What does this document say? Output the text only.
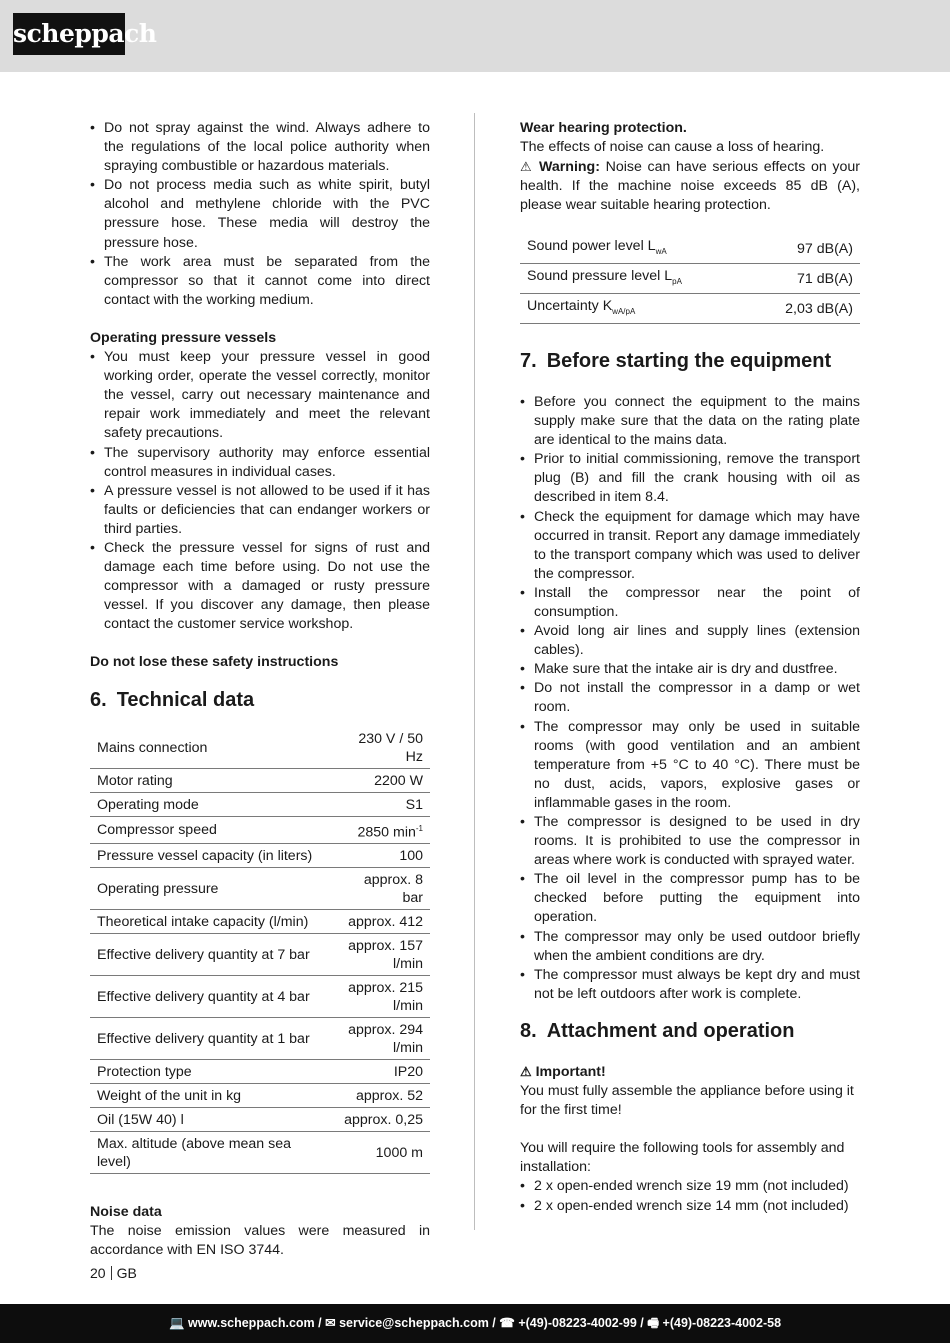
scheppach
• Do not spray against the wind. Always adhere to the regulations of the local police authority when spraying combustible or hazardous materials.
• Do not process media such as white spirit, butyl alcohol and methylene chloride with the PVC pressure hose. These media will destroy the pressure hose.
• The work area must be separated from the compressor so that it cannot come into direct contact with the working medium.
Operating pressure vessels
• You must keep your pressure vessel in good working order, operate the vessel correctly, monitor the vessel, carry out necessary maintenance and repair work immediately and meet the relevant safety precautions.
• The supervisory authority may enforce essential control measures in individual cases.
• A pressure vessel is not allowed to be used if it has faults or deficiencies that can endanger workers or third parties.
• Check the pressure vessel for signs of rust and damage each time before using. Do not use the compressor with a damaged or rusty pressure vessel. If you discover any damage, then please contact the customer service workshop.
Do not lose these safety instructions
6. Technical data
Mains connection	230 V / 50 Hz
Motor rating	2200 W
Operating mode	S1
Compressor speed	2850 $\min^{-1}$
Pressure vessel capacity (in liters)	100
Operating pressure	approx. 8 bar
Theoretical intake capacity (l/min)	approx. 412
Effective delivery quantity at 7 bar	approx. 157 l/min
Effective delivery quantity at 4 bar	approx. 215 l/min
Effective delivery quantity at 1 bar	approx. 294 l/min
Protection type	IP20
Weight of the unit in kg	approx. 52
Oil (15W 40) l	approx. 0,25
Max. altitude (above mean sea level)	1000 m
Noise data

The noise emission values were measured in accordance with EN ISO 3744.

Wear hearing protection.

The effects of noise can cause a loss of hearing.

⚠ Warning: Noise can have serious effects on your health. If the machine noise exceeds 85 dB (A), please wear suitable hearing protection.

Sound power level $L_{wA}$	97 dB(A)
Sound pressure level $L_{pA}$	71 dB(A)
Uncertainty $K_{wA/pA}$	2,03 dB(A)
7. Before starting the equipment
• Before you connect the equipment to the mains supply make sure that the data on the rating plate are identical to the mains data.
• Prior to initial commissioning, remove the transport plug (B) and fill the crank housing with oil as described in item 8.4.
• Check the equipment for damage which may have occurred in transit. Report any damage immediately to the transport company which was used to deliver the compressor.
• Install the compressor near the point of consumption.
• Avoid long air lines and supply lines (extension cables).
• Make sure that the intake air is dry and dustfree.
• Do not install the compressor in a damp or wet room.
• The compressor may only be used in suitable rooms (with good ventilation and an ambient temperature from +5 °C to 40 °C). There must be no dust, acids, vapors, explosive gases or inflammable gases in the room.
• The compressor is designed to be used in dry rooms. It is prohibited to use the compressor in areas where work is conducted with sprayed water.
• The oil level in the compressor pump has to be checked before putting the equipment into operation.
• The compressor may only be used outdoor briefly when the ambient conditions are dry.
• The compressor must always be kept dry and must not be left outdoors after work is complete.
8. Attachment and operation
⚠ Important!

You must fully assemble the appliance before using it for the first time!

You will require the following tools for assembly and installation:

• 2 x open-ended wrench size 19 mm (not included)
• 2 x open-ended wrench size 14 mm (not included)
20 GB
💻 www.scheppach.com / ✉ service@scheppach.com / ☎ +(49)-08223-4002-99 / 🖷 +(49)-08223-4002-58
